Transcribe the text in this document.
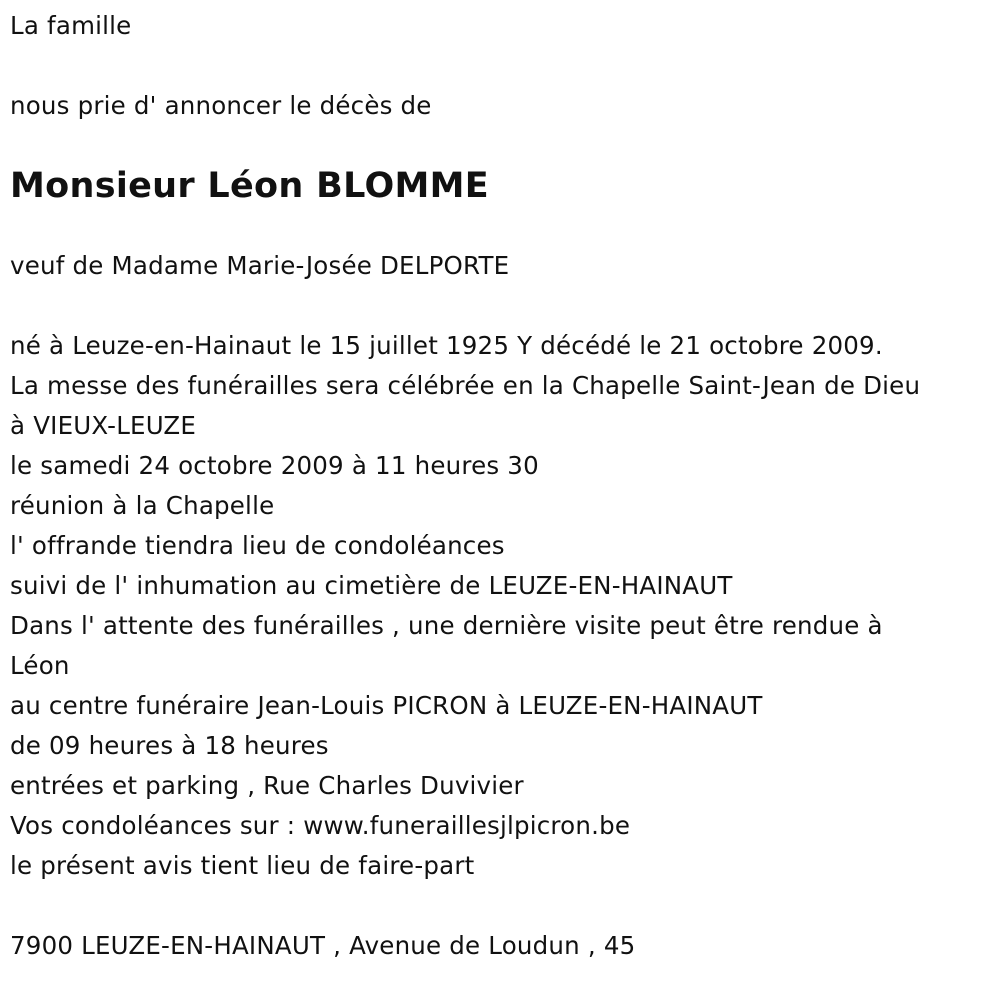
La famille
nous prie d' annoncer le décès de
Monsieur Léon BLOMME
veuf de Madame Marie-Josée DELPORTE
né à Leuze-en-Hainaut le 15 juillet 1925 Y décédé le 21 octobre 2009.
La messe des funérailles sera célébrée en la Chapelle Saint-Jean de Dieu
à VIEUX-LEUZE
le samedi 24 octobre 2009 à 11 heures 30
réunion à la Chapelle
l' offrande tiendra lieu de condoléances
suivi de l' inhumation au cimetière de LEUZE-EN-HAINAUT
Dans l' attente des funérailles , une dernière visite peut être rendue à
Léon
au centre funéraire Jean-Louis PICRON à LEUZE-EN-HAINAUT
de 09 heures à 18 heures
entrées et parking , Rue Charles Duvivier
Vos condoléances sur : www.funeraillesjlpicron.be
le présent avis tient lieu de faire-part
7900 LEUZE-EN-HAINAUT , Avenue de Loudun , 45
